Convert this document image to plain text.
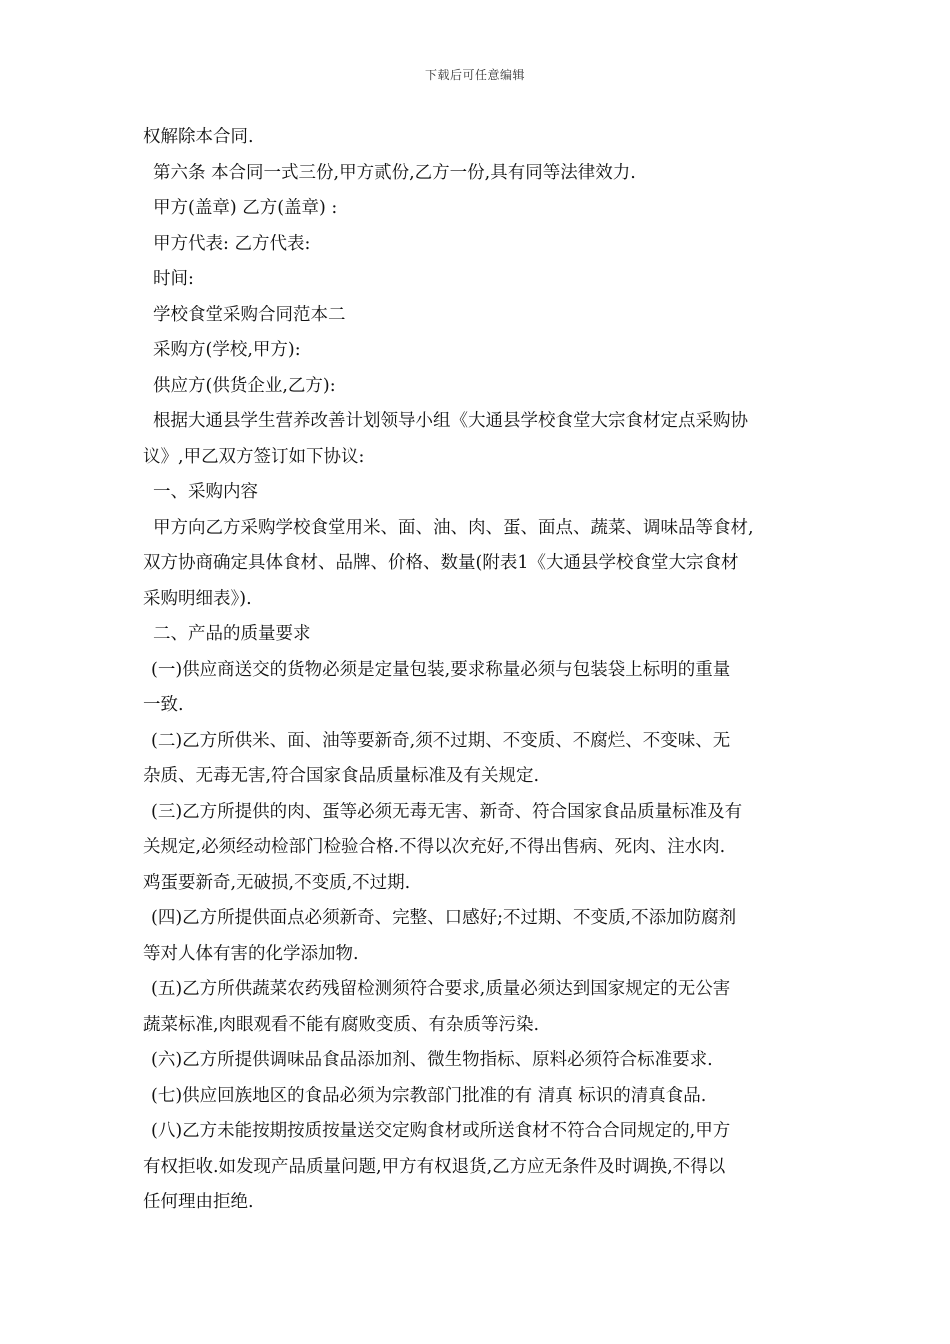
下载后可任意编辑
权解除本合同.
第六条 本合同一式三份,甲方贰份,乙方一份,具有同等法律效力.
甲方(盖章) 乙方(盖章) :
甲方代表: 乙方代表:
时间:
学校食堂采购合同范本二
采购方(学校,甲方):
供应方(供货企业,乙方):
根据大通县学生营养改善计划领导小组《大通县学校食堂大宗食材定点采购协
议》,甲乙双方签订如下协议:
一、采购内容
甲方向乙方采购学校食堂用米、面、油、肉、蛋、面点、蔬菜、调味品等食材,
双方协商确定具体食材、品牌、价格、数量(附表1《大通县学校食堂大宗食材
采购明细表》).
二、产品的质量要求
(一)供应商送交的货物必须是定量包装,要求称量必须与包装袋上标明的重量
一致.
(二)乙方所供米、面、油等要新奇,须不过期、不变质、不腐烂、不变味、无
杂质、无毒无害,符合国家食品质量标准及有关规定.
(三)乙方所提供的肉、蛋等必须无毒无害、新奇、符合国家食品质量标准及有
关规定,必须经动检部门检验合格.不得以次充好,不得出售病、死肉、注水肉.
鸡蛋要新奇,无破损,不变质,不过期.
(四)乙方所提供面点必须新奇、完整、口感好;不过期、不变质,不添加防腐剂
等对人体有害的化学添加物.
(五)乙方所供蔬菜农药残留检测须符合要求,质量必须达到国家规定的无公害
蔬菜标准,肉眼观看不能有腐败变质、有杂质等污染.
(六)乙方所提供调味品食品添加剂、微生物指标、原料必须符合标准要求.
(七)供应回族地区的食品必须为宗教部门批准的有 清真 标识的清真食品.
(八)乙方未能按期按质按量送交定购食材或所送食材不符合合同规定的,甲方
有权拒收.如发现产品质量问题,甲方有权退货,乙方应无条件及时调换,不得以
任何理由拒绝.
